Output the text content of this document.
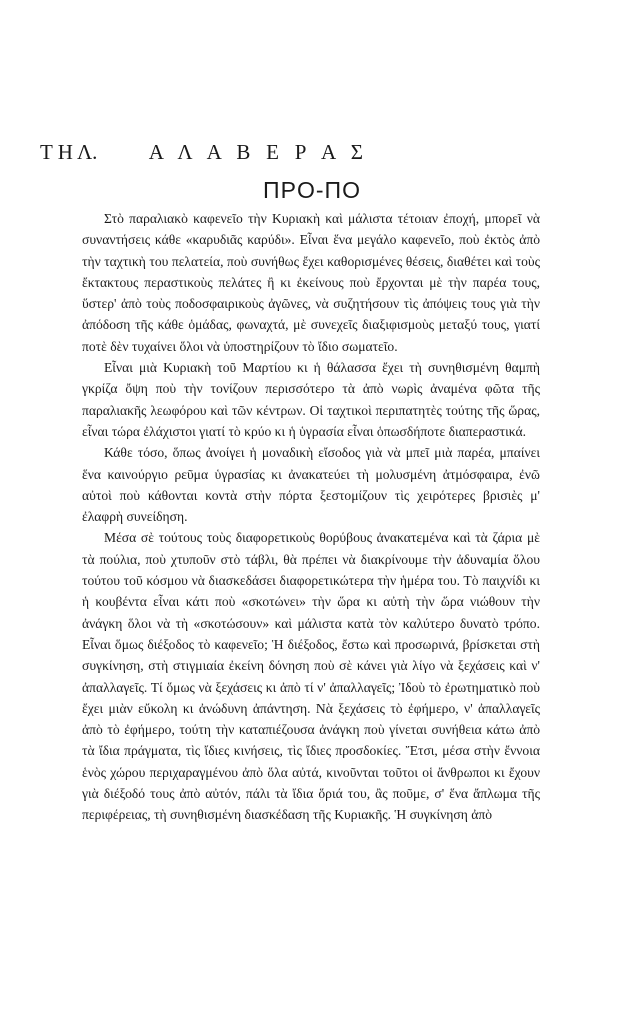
Τ Η Λ.          Α   Λ   Α   Β   Ε   Ρ   Α   Σ
ΠΡΟ-ΠΟ

Στὸ παραλιακὸ καφενεῖο τὴν Κυριακὴ καὶ μάλιστα τέτοιαν ἐποχή, μπορεῖ νὰ συναντήσεις κάθε «καρυδιᾶς καρύδι». Εἶναι ἕνα μεγάλο καφενεῖο, ποὺ ἐκτὸς ἀπὸ τὴν ταχτικὴ του πελατεία, ποὺ συνήθως ἔχει καθορισμένες θέσεις, διαθέτει καὶ τοὺς ἔκτακτους περαστικοὺς πελάτες ἢ κι ἐκείνους ποὺ ἔρχονται μὲ τὴν παρέα τους, ὕστερ' ἀπὸ τοὺς ποδοσφαιρικοὺς ἀγῶνες, νὰ συζητήσουν τὶς ἀπόψεις τους γιὰ τὴν ἀπόδοση τῆς κάθε ὁμάδας, φωναχτά, μὲ συνεχεῖς διαξιφισμοὺς μεταξύ τους, γιατί ποτὲ δὲν τυχαίνει ὅλοι νὰ ὑποστηρίζουν τὸ ἴδιο σωματεῖο.

Εἶναι μιὰ Κυριακὴ τοῦ Μαρτίου κι ἡ θάλασσα ἔχει τὴ συνηθισμένη θαμπὴ γκρίζα ὄψη ποὺ τὴν τονίζουν περισσότερο τὰ ἀπὸ νωρὶς ἀναμένα φῶτα τῆς παραλιακῆς λεωφόρου καὶ τῶν κέντρων. Οἱ ταχτικοὶ περιπατητὲς τούτης τῆς ὥρας, εἶναι τώρα ἐλάχιστοι γιατί τὸ κρύο κι ἡ ὑγρασία εἶναι ὁπωσδήποτε διαπεραστικά.

Κάθε τόσο, ὅπως ἀνοίγει ἡ μοναδικὴ εἴσοδος γιὰ νὰ μπεῖ μιὰ παρέα, μπαίνει ἕνα καινούργιο ρεῦμα ὑγρασίας κι ἀνακατεύει τὴ μολυσμένη ἀτμόσφαιρα, ἐνῶ αὐτοὶ ποὺ κάθονται κοντὰ στὴν πόρτα ξεστομίζουν τὶς χειρότερες βρισιὲς μ' ἐλαφρὴ συνείδηση.

Μέσα σὲ τούτους τοὺς διαφορετικοὺς θορύβους ἀνακατεμένα καὶ τὰ ζάρια μὲ τὰ πούλια, ποὺ χτυποῦν στὸ τάβλι, θὰ πρέπει νὰ διακρίνουμε τὴν ἀδυναμία ὅλου τούτου τοῦ κόσμου νὰ διασκεδάσει διαφορετικώτερα τὴν ἡμέρα του. Τὸ παιχνίδι κι ἡ κουβέντα εἶναι κάτι ποὺ «σκοτώνει» τὴν ὥρα κι αὐτὴ τὴν ὥρα νιώθουν τὴν ἀνάγκη ὅλοι νὰ τὴ «σκοτώσουν» καὶ μάλιστα κατὰ τὸν καλύτερο δυνατὸ τρόπο. Εἶναι ὅμως διέξοδος τὸ καφενεῖο; Ἡ διέξοδος, ἔστω καὶ προσωρινά, βρίσκεται στὴ συγκίνηση, στὴ στιγμιαία ἐκείνη δόνηση ποὺ σὲ κάνει γιὰ λίγο νὰ ξεχάσεις καὶ ν' ἀπαλλαγεῖς. Τί ὅμως νὰ ξεχάσεις κι ἀπὸ τί ν' ἀπαλλαγεῖς; Ἰδοὺ τὸ ἐρωτηματικὸ ποὺ ἔχει μιὰν εὔκολη κι ἀνώδυνη ἀπάντηση. Νὰ ξεχάσεις τὸ ἐφήμερο, ν' ἀπαλλαγεῖς ἀπὸ τὸ ἐφήμερο, τούτη τὴν καταπιέζουσα ἀνάγκη ποὺ γίνεται συνήθεια κάτω ἀπὸ τὰ ἴδια πράγματα, τὶς ἴδιες κινήσεις, τὶς ἴδιες προσδοκίες. Ἔτσι, μέσα στὴν ἔννοια ἑνὸς χώρου περιχαραγμένου ἀπὸ ὅλα αὐτά, κινοῦνται τοῦτοι οἱ ἄνθρωποι κι ἔχουν γιὰ διέξοδό τους ἀπὸ αὐτόν, πάλι τὰ ἴδια ὅριά του, ἂς ποῦμε, σ' ἕνα ἄπλωμα τῆς περιφέρειας, τὴ συνηθισμένη διασκέδαση τῆς Κυριακῆς. Ἡ συγκίνηση ἀπὸ
